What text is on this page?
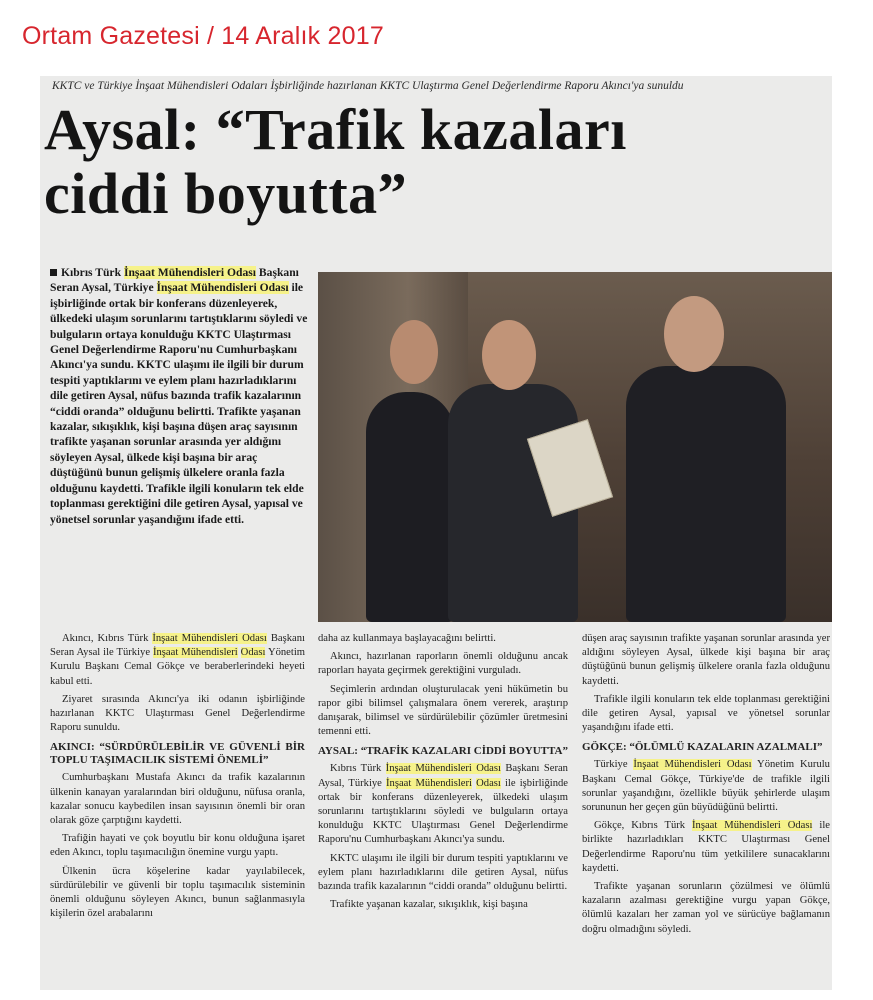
Ortam Gazetesi / 14 Aralık 2017
KKTC ve Türkiye İnşaat Mühendisleri Odaları İşbirliğinde hazırlanan KKTC Ulaştırma Genel Değerlendirme Raporu Akıncı'ya sunuldu
Aysal: “Trafik kazaları
ciddi boyutta”
Kıbrıs Türk İnşaat Mühendisleri Odası Başkanı Seran Aysal, Türkiye İnşaat Mühendisleri Odası ile işbirliğinde ortak bir konferans düzenleyerek, ülkedeki ulaşım sorunlarını tartıştıklarını söyledi ve bulguların ortaya konulduğu KKTC Ulaştırması Genel Değerlendirme Raporu'nu Cumhurbaşkanı Akıncı'ya sundu. KKTC ulaşımı ile ilgili bir durum tespiti yaptıklarını ve eylem planı hazırladıklarını dile getiren Aysal, nüfus bazında trafik kazalarının “ciddi oranda” olduğunu belirtti. Trafikte yaşanan kazalar, sıkışıklık, kişi başına düşen araç sayısının trafikte yaşanan sorunlar arasında yer aldığını söyleyen Aysal, ülkede kişi başına bir araç düştüğünü bunun gelişmiş ülkelere oranla fazla olduğunu kaydetti. Trafikle ilgili konuların tek elde toplanması gerektiğini dile getiren Aysal, yapısal ve yönetsel sorunlar yaşandığını ifade etti.

Akıncı, Kıbrıs Türk İnşaat Mühendisleri Odası Başkanı Seran Aysal ile Türkiye İnşaat Mühendisleri Odası Yönetim Kurulu Başkanı Cemal Gökçe ve beraberlerindeki heyeti kabul etti.

Ziyaret sırasında Akıncı'ya iki odanın işbirliğinde hazırlanan KKTC Ulaştırması Genel Değerlendirme Raporu sunuldu.

AKINCI: “SÜRDÜRÜLEBİLİR VE GÜVENLİ BİR TOPLU TAŞIMACILIK SİSTEMİ ÖNEMLİ”

Cumhurbaşkanı Mustafa Akıncı da trafik kazalarının ülkenin kanayan yaralarından biri olduğunu, nüfusa oranla, kazalar sonucu kaybedilen insan sayısının önemli bir oran olarak göze çarptığını kaydetti.

Trafiğin hayati ve çok boyutlu bir konu olduğuna işaret eden Akıncı, toplu taşımacılığın önemine vurgu yaptı.

Ülkenin ücra köşelerine kadar yayılabilecek, sürdürülebilir ve güvenli bir toplu taşımacılık sisteminin önemli olduğunu söyleyen Akıncı, bunun sağlanmasıyla kişilerin özel arabalarını

daha az kullanmaya başlayacağını belirtti.

Akıncı, hazırlanan raporların önemli olduğunu ancak raporları hayata geçirmek gerektiğini vurguladı.

Seçimlerin ardından oluşturulacak yeni hükümetin bu rapor gibi bilimsel çalışmalara önem vererek, araştırıp danışarak, bilimsel ve sürdürülebilir çözümler üretmesini temenni etti.

AYSAL: “TRAFİK KAZALARI CİDDİ BOYUTTA”

Kıbrıs Türk İnşaat Mühendisleri Odası Başkanı Seran Aysal, Türkiye İnşaat Mühendisleri Odası ile işbirliğinde ortak bir konferans düzenleyerek, ülkedeki ulaşım sorunlarını tartıştıklarını söyledi ve bulguların ortaya konulduğu KKTC Ulaştırması Genel Değerlendirme Raporu'nu Cumhurbaşkanı Akıncı'ya sundu.

KKTC ulaşımı ile ilgili bir durum tespiti yaptıklarını ve eylem planı hazırladıklarını dile getiren Aysal, nüfus bazında trafik kazalarının “ciddi oranda” olduğunu belirtti.

Trafikte yaşanan kazalar, sıkışıklık, kişi başına

düşen araç sayısının trafikte yaşanan sorunlar arasında yer aldığını söyleyen Aysal, ülkede kişi başına bir araç düştüğünü bunun gelişmiş ülkelere oranla fazla olduğunu kaydetti.

Trafikle ilgili konuların tek elde toplanması gerektiğini dile getiren Aysal, yapısal ve yönetsel sorunlar yaşandığını ifade etti.

GÖKÇE: “ÖLÜMLÜ KAZALARIN AZALMALI”

Türkiye İnşaat Mühendisleri Odası Yönetim Kurulu Başkanı Cemal Gökçe, Türkiye'de de trafikle ilgili sorunlar yaşandığını, özellikle büyük şehirlerde ulaşım sorununun her geçen gün büyüdüğünü belirtti.

Gökçe, Kıbrıs Türk İnşaat Mühendisleri Odası ile birlikte hazırladıkları KKTC Ulaştırması Genel Değerlendirme Raporu'nu tüm yetkililere sunacaklarını kaydetti.

Trafikte yaşanan sorunların çözülmesi ve ölümlü kazaların azalması gerektiğine vurgu yapan Gökçe, ölümlü kazaları her zaman yol ve sürücüye bağlamanın doğru olmadığını söyledi.
